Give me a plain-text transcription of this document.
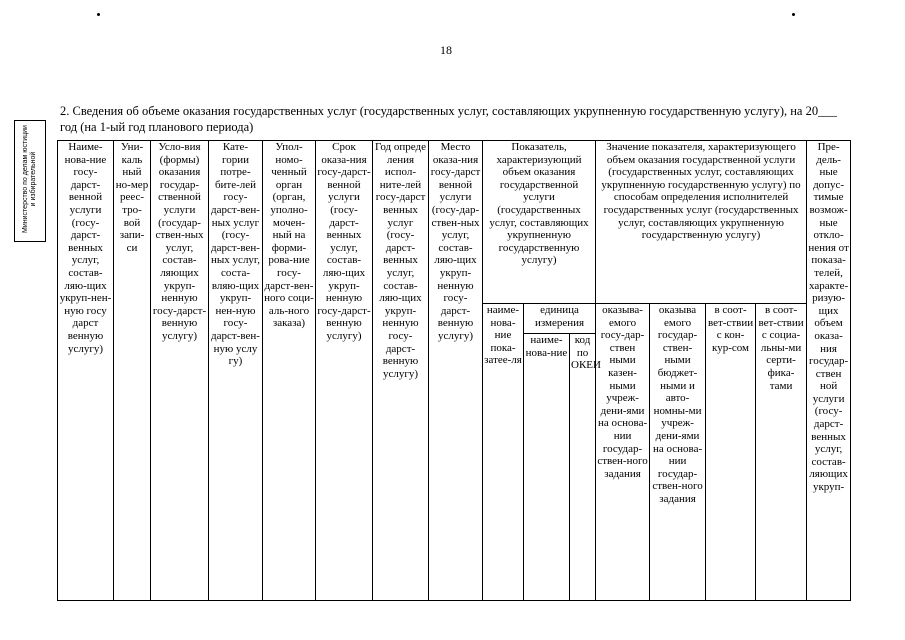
18
Министерство по делам юстиции и избирательной
2. Сведения об объеме оказания государственных услуг (государственных услуг, составляющих укрупненную государственную услугу), на 20___ год (на 1-ый год планового периода)
Наиме-нова-ние госу-дарст-венной услуги (госу-дарст-венных услуг, состав-ляю-щих укруп-нен-ную госу дарст венную услугу)	Уни-каль ный но-мер реес-тро-вой запи-си	Усло-вия (формы) оказания государ-ственной услуги (государ-ствен-ных услуг, состав-ляющих укруп-ненную госу-дарст-венную услугу)	Кате-гории потре-бите-лей госу-дарст-вен-ных услуг (госу-дарст-вен-ных услуг, соста-вляю-щих укруп-нен-ную госу-дарст-вен-ную услу гу)	Упол-номо-ченный орган (орган, уполно-мочен-ный на форми-рова-ние госу-дарст-вен-ного соци-аль-ного заказа)	Срок оказа-ния госу-дарст-венной услуги (госу-дарст-венных услуг, состав-ляю-щих укруп-ненную госу-дарст-венную услугу)	Год опреде ления испол-ните-лей госу-дарст венных услуг (госу-дарст-венных услуг, состав-ляю-щих укруп-ненную госу-дарст-венную услугу)	Место оказа-ния госу-дарст венной услуги (госу-дар-ствен-ных услуг, состав-ляю-щих укруп-ненную госу-дарст-венную услугу)	Показатель, характеризующий объем оказания государственной услуги (государственных услуг, составляющих укрупненную государственную услугу)			Значение показателя, характеризующего объем оказания государственной услуги (государственных услуг, составляющих укрупненную государственную услугу) по способам определения исполнителей государственных услуг (государственных услуг, составляющих укрупненную государственную услугу)				Пре-дель-ные допус-тимые возмож-ные откло-нения от показа-телей, характе-ризую-щих объем оказа-ния государ-ствен ной услуги (госу-дарст-венных услуг, состав-ляющих укруп-
								наиме-нова-ние пока-затее-ля	единица измерения		оказыва-емого госу-дар-ствен ными казен-ными учреж-дени-ями на основа-нии государ-ствен-ного задания	оказыва емого государ-ствен-ными бюджет-ными и авто-номны-ми учреж-дени-ями на основа-нии государ-ствен-ного задания	в соот-вет-ствии с кон-кур-сом	в соот-вет-ствии с социа-льны-ми серти-фика-тами	
									наиме-нова-ние	код по ОКЕИ					
